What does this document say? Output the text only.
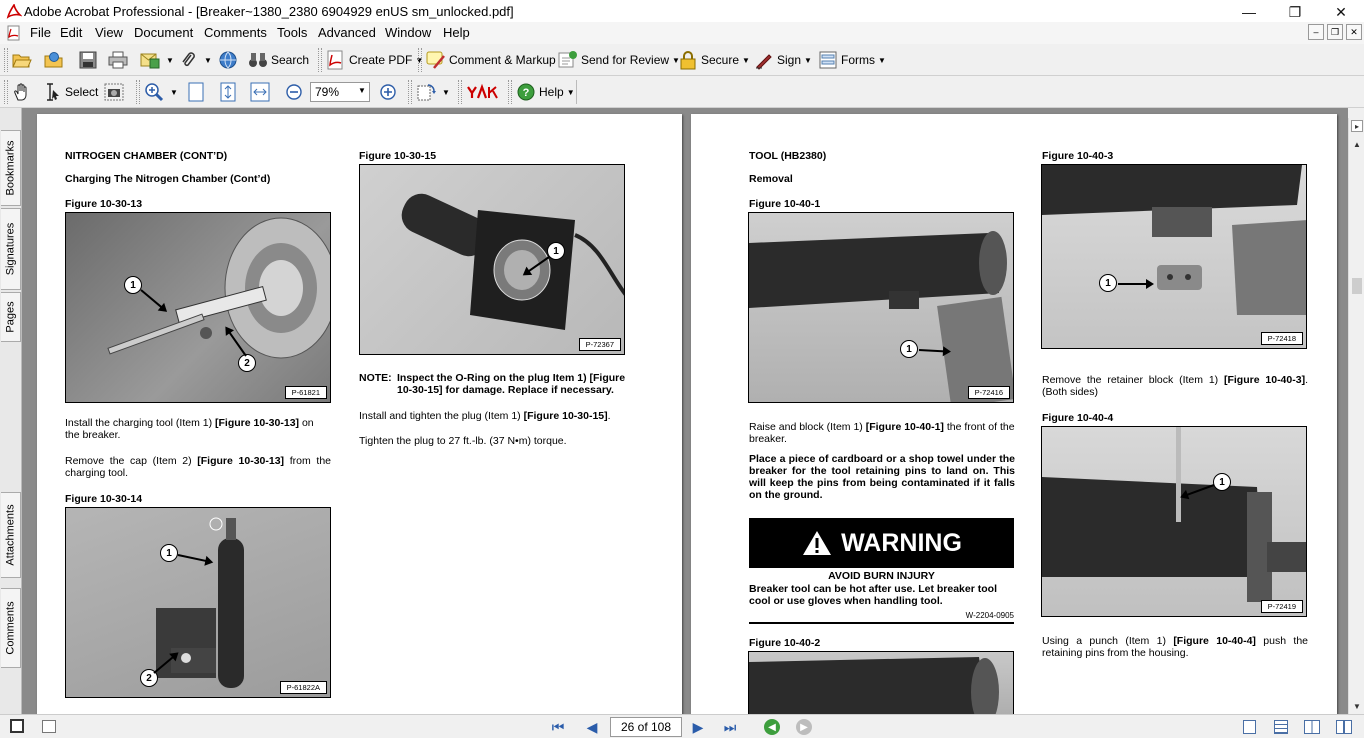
Adobe Acrobat Professional - [Breaker~1380_2380 6904929 enUS sm_unlocked.pdf]	—	❐	✕
File Edit View Document Comments Tools Advanced Window Help	–	❐	✕
▼	▼	Search	Create PDF ▼ Comment & Markup Send for Review ▼ Secure ▼ Sign ▼ Forms ▼
Select	▼	79%	▼	▼	? Help ▼
Bookmarks
Signatures
Pages
Attachments
Comments
NITROGEN CHAMBER (CONT’D)
Charging The Nitrogen Chamber (Cont’d)
Figure 10-30-13
1
2
P-61821
Install the charging tool (Item 1) [Figure 10-30-13] on the breaker.
Remove the cap (Item 2) [Figure 10-30-13] from the charging tool.
Figure 10-30-14
1
2
P-61822A
Figure 10-30-15
1
P-72367
NOTE: Inspect the O-Ring on the plug Item 1) [Figure 10-30-15] for damage. Replace if necessary.
Install and tighten the plug (Item 1) [Figure 10-30-15].
Tighten the plug to 27 ft.-lb. (37 N•m) torque.
TOOL (HB2380)
Removal
Figure 10-40-1
1
P-72416
Raise and block (Item 1) [Figure 10-40-1] the front of the breaker.
Place a piece of cardboard or a shop towel under the breaker for the tool retaining pins to land on. This will keep the pins from being contaminated if it falls on the ground.
WARNING
AVOID BURN INJURY
Breaker tool can be hot after use. Let breaker tool cool or use gloves when handling tool.
W-2204-0905
Figure 10-40-2
Figure 10-40-3
1
P-72418
Remove the retainer block (Item 1) [Figure 10-40-3]. (Both sides)
Figure 10-40-4
1
P-72419
Using a punch (Item 1) [Figure 10-40-4] push the retaining pins from the housing.
▸
▲
▼
⏮ ◀	26 of 108	▶ ⏭	◀	▶
